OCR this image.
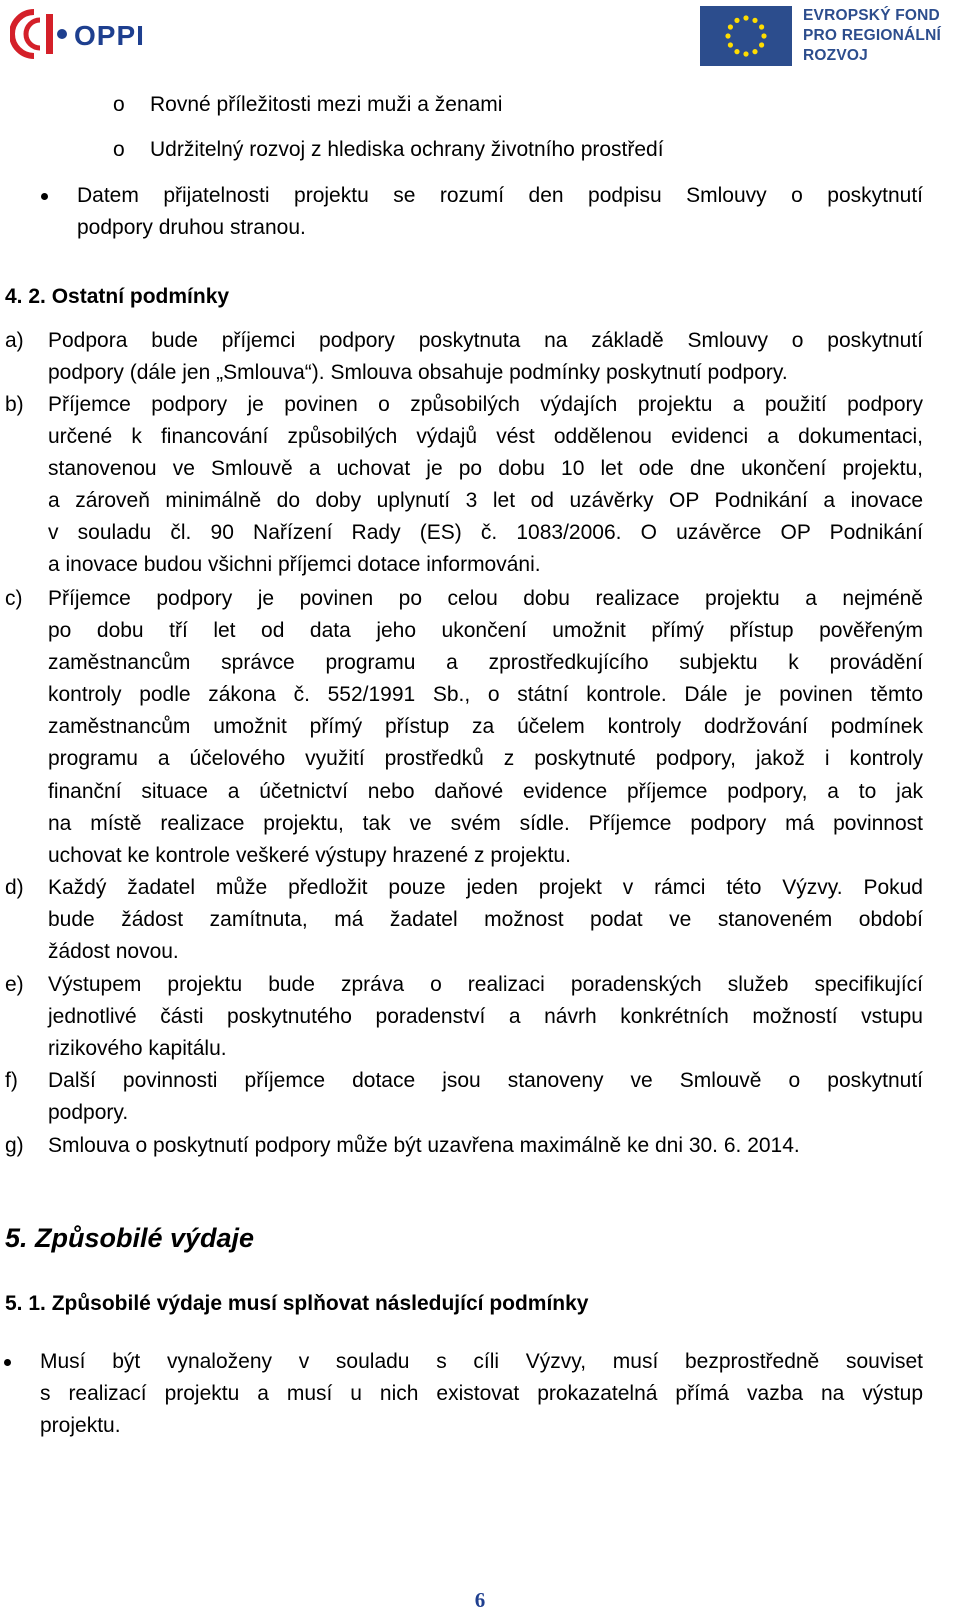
OPPI
EVROPSKÝ FOND
PRO REGIONÁLNÍ
ROZVOJ
o Rovné příležitosti mezi muži a ženami
o Udržitelný rozvoj z hlediska ochrany životního prostředí
Datem přijatelnosti projektu se rozumí den podpisu Smlouvy o poskytnutí
podpory druhou stranou.
4. 2. Ostatní podmínky
a) Podpora bude příjemci podpory poskytnuta na základě Smlouvy o poskytnutí
podpory (dále jen „Smlouva“). Smlouva obsahuje podmínky poskytnutí podpory.
b) Příjemce podpory je povinen o způsobilých výdajích projektu a použití podpory
určené k financování způsobilých výdajů vést oddělenou evidenci a dokumentaci,
stanovenou ve Smlouvě a uchovat je po dobu 10 let ode dne ukončení projektu,
a zároveň minimálně do doby uplynutí 3 let od uzávěrky OP Podnikání a inovace
v souladu čl. 90 Nařízení Rady (ES) č. 1083/2006. O uzávěrce OP Podnikání
a inovace budou všichni příjemci dotace informováni.
c) Příjemce podpory je povinen po celou dobu realizace projektu a nejméně
po dobu tří let od data jeho ukončení umožnit přímý přístup pověřeným
zaměstnancům správce programu a zprostředkujícího subjektu k provádění
kontroly podle zákona č. 552/1991 Sb., o státní kontrole. Dále je povinen těmto
zaměstnancům umožnit přímý přístup za účelem kontroly dodržování podmínek
programu a účelového využití prostředků z poskytnuté podpory, jakož i kontroly
finanční situace a účetnictví nebo daňové evidence příjemce podpory, a to jak
na místě realizace projektu, tak ve svém sídle. Příjemce podpory má povinnost
uchovat ke kontrole veškeré výstupy hrazené z projektu.
d) Každý žadatel může předložit pouze jeden projekt v rámci této Výzvy. Pokud
bude žádost zamítnuta, má žadatel možnost podat ve stanoveném období
žádost novou.
e) Výstupem projektu bude zpráva o realizaci poradenských služeb specifikující
jednotlivé části poskytnutého poradenství a návrh konkrétních možností vstupu
rizikového kapitálu.
f) Další povinnosti příjemce dotace jsou stanoveny ve Smlouvě o poskytnutí
podpory.
g) Smlouva o poskytnutí podpory může být uzavřena maximálně ke dni 30. 6. 2014.
5. Způsobilé výdaje
5. 1. Způsobilé výdaje musí splňovat následující podmínky
Musí být vynaloženy v souladu s cíli Výzvy, musí bezprostředně souviset
s realizací projektu a musí u nich existovat prokazatelná přímá vazba na výstup
projektu.
6
